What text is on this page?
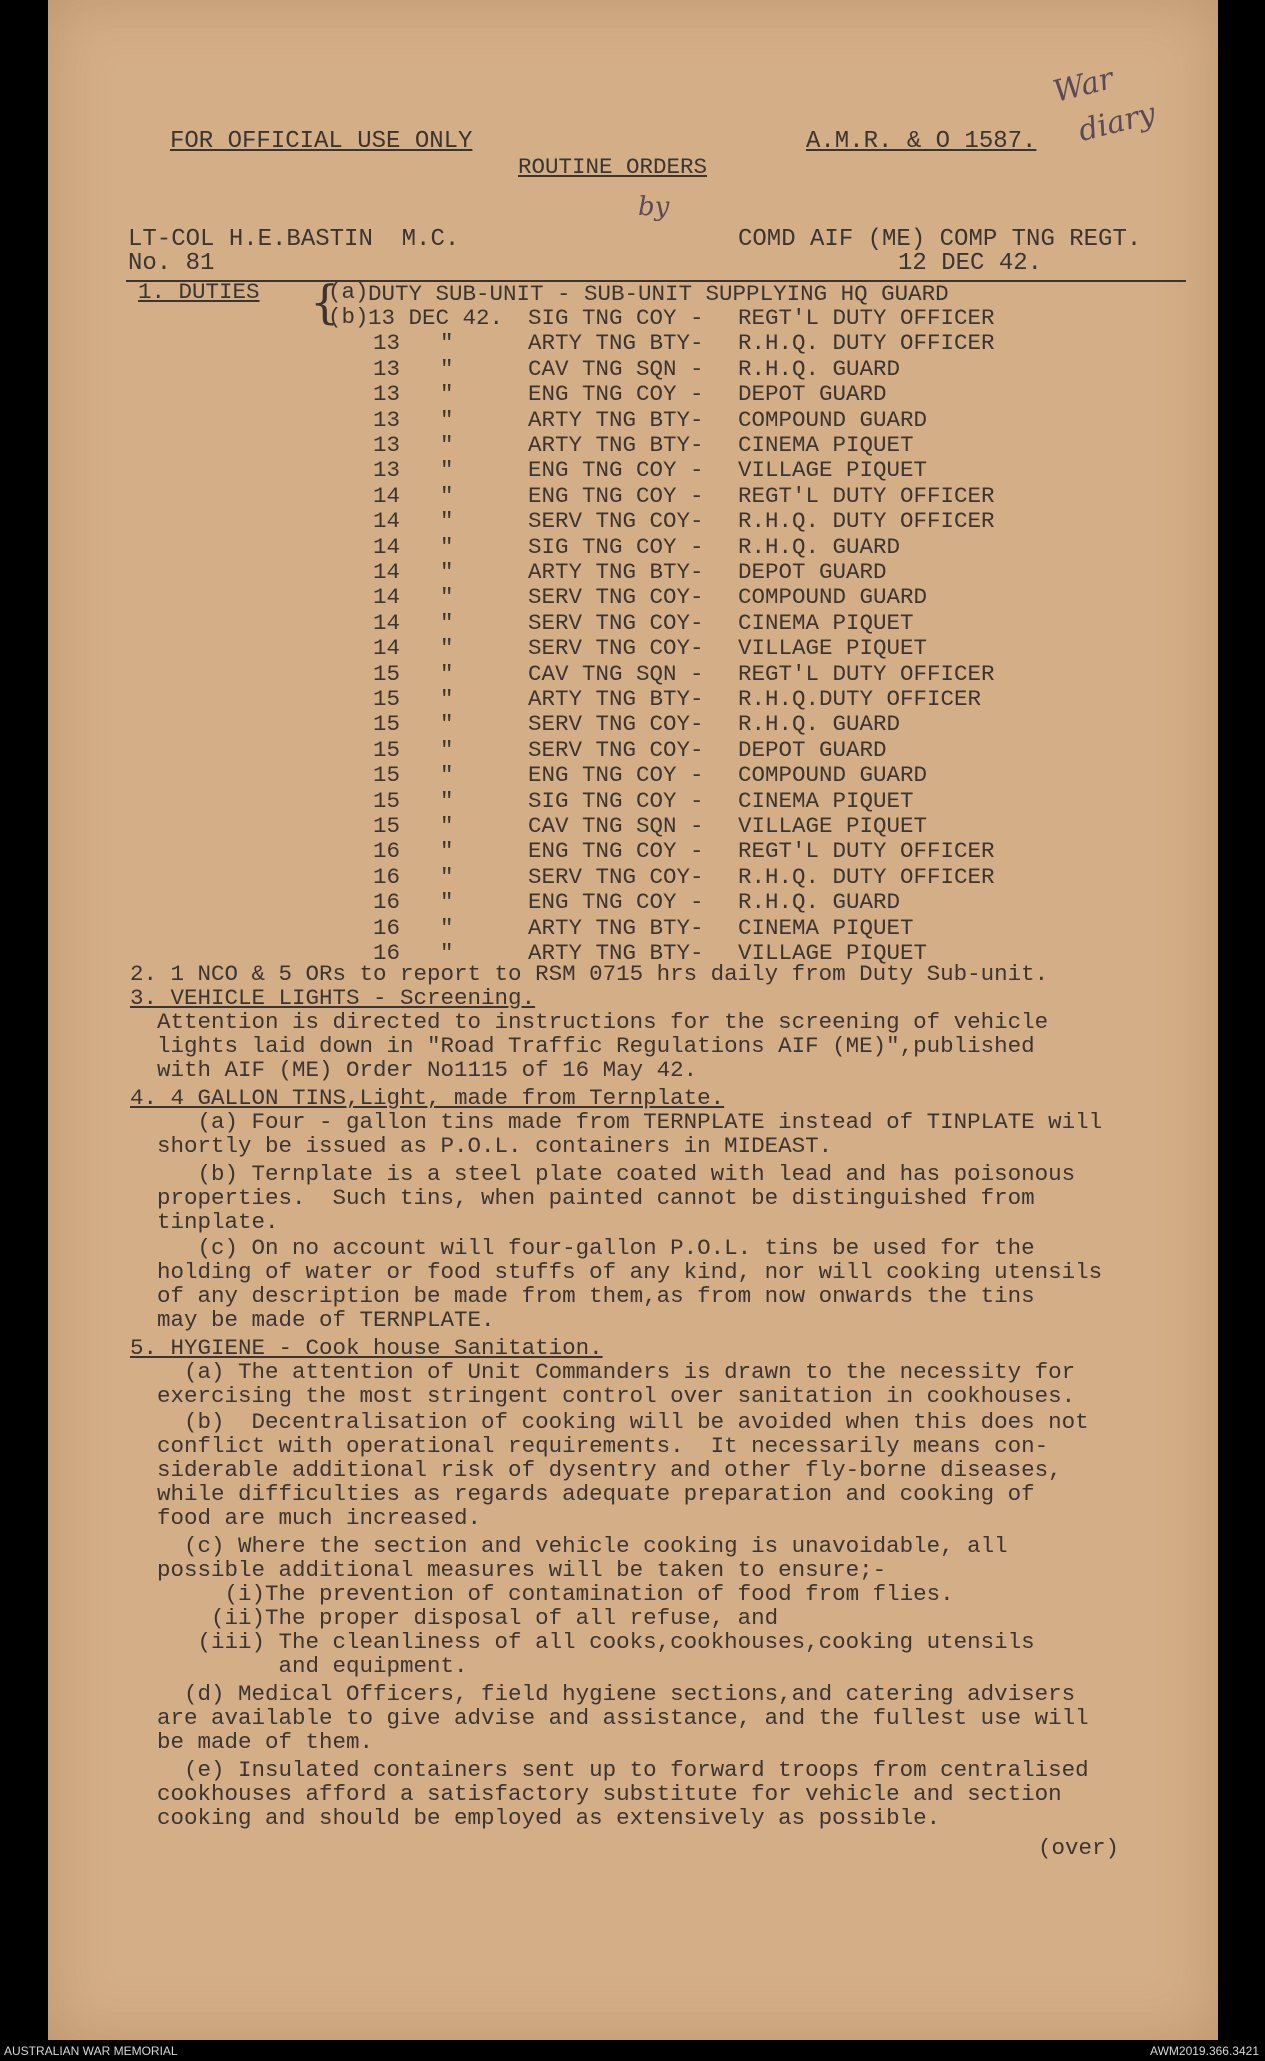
FOR OFFICIAL USE ONLY	A.M.R. & O 1587.
War
diary
ROUTINE ORDERS
by
LT-COL H.E.BASTIN  M.C.	COMD AIF (ME) COMP TNG REGT.
No. 81	12 DEC 42.
1. DUTIES {
(a)
(b)
DUTY SUB-UNIT - SUB-UNIT SUPPLYING HQ GUARD
13 DEC 42. SIG TNG COY - REGT'L DUTY OFFICER
13 "	ARTY TNG BTY- R.H.Q. DUTY OFFICER
13 "	CAV TNG SQN - R.H.Q. GUARD
13 "	ENG TNG COY - DEPOT GUARD
13 "	ARTY TNG BTY- COMPOUND GUARD
13 "	ARTY TNG BTY- CINEMA PIQUET
13 "	ENG TNG COY - VILLAGE PIQUET
14 "	ENG TNG COY - REGT'L DUTY OFFICER
14 "	SERV TNG COY- R.H.Q. DUTY OFFICER
14 "	SIG TNG COY - R.H.Q. GUARD
14 "	ARTY TNG BTY- DEPOT GUARD
14 "	SERV TNG COY- COMPOUND GUARD
14 "	SERV TNG COY- CINEMA PIQUET
14 "	SERV TNG COY- VILLAGE PIQUET
15 "	CAV TNG SQN - REGT'L DUTY OFFICER
15 "	ARTY TNG BTY- R.H.Q.DUTY OFFICER
15 "	SERV TNG COY- R.H.Q. GUARD
15 "	SERV TNG COY- DEPOT GUARD
15 "	ENG TNG COY - COMPOUND GUARD
15 "	SIG TNG COY - CINEMA PIQUET
15 "	CAV TNG SQN - VILLAGE PIQUET
16 "	ENG TNG COY - REGT'L DUTY OFFICER
16 "	SERV TNG COY- R.H.Q. DUTY OFFICER
16 "	ENG TNG COY - R.H.Q. GUARD
16 "	ARTY TNG BTY- CINEMA PIQUET
16 "	ARTY TNG BTY- VILLAGE PIQUET
2. 1 NCO & 5 ORs to report to RSM 0715 hrs daily from Duty Sub-unit.
3. VEHICLE LIGHTS - Screening.
Attention is directed to instructions for the screening of vehicle
lights laid down in "Road Traffic Regulations AIF (ME)",published
with AIF (ME) Order No1115 of 16 May 42.
4. 4 GALLON TINS,Light, made from Ternplate.
(a) Four - gallon tins made from TERNPLATE instead of TINPLATE will
shortly be issued as P.O.L. containers in MIDEAST.
(b) Ternplate is a steel plate coated with lead and has poisonous
properties.  Such tins, when painted cannot be distinguished from
tinplate.
(c) On no account will four-gallon P.O.L. tins be used for the
holding of water or food stuffs of any kind, nor will cooking utensils
of any description be made from them,as from now onwards the tins
may be made of TERNPLATE.
5. HYGIENE - Cook house Sanitation.
(a) The attention of Unit Commanders is drawn to the necessity for
exercising the most stringent control over sanitation in cookhouses.
(b)  Decentralisation of cooking will be avoided when this does not
conflict with operational requirements.  It necessarily means con-
siderable additional risk of dysentry and other fly-borne diseases,
while difficulties as regards adequate preparation and cooking of
food are much increased.
(c) Where the section and vehicle cooking is unavoidable, all
possible additional measures will be taken to ensure;-
(i)The prevention of contamination of food from flies.
(ii)The proper disposal of all refuse, and
(iii) The cleanliness of all cooks,cookhouses,cooking utensils
and equipment.
(d) Medical Officers, field hygiene sections,and catering advisers
are available to give advise and assistance, and the fullest use will
be made of them.
(e) Insulated containers sent up to forward troops from centralised
cookhouses afford a satisfactory substitute for vehicle and section
cooking and should be employed as extensively as possible.
(over)
AUSTRALIAN WAR MEMORIAL	AWM2019.366.3421
